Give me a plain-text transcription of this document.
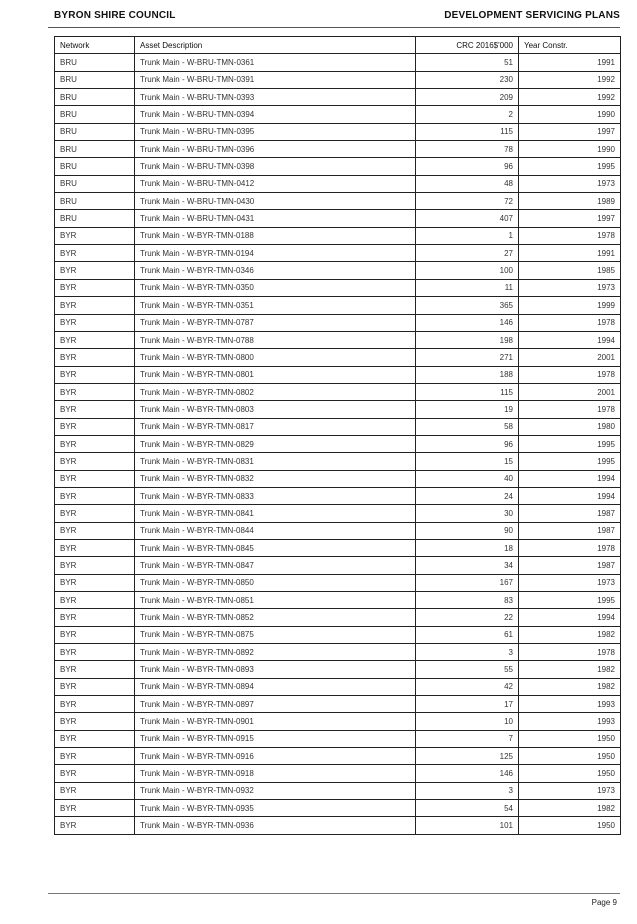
BYRON SHIRE COUNCIL	DEVELOPMENT SERVICING PLANS
Network	Asset Description	CRC 2016$'000	Year Constr.
BRU	Trunk Main - W-BRU-TMN-0361	51	1991
BRU	Trunk Main - W-BRU-TMN-0391	230	1992
BRU	Trunk Main - W-BRU-TMN-0393	209	1992
BRU	Trunk Main - W-BRU-TMN-0394	2	1990
BRU	Trunk Main - W-BRU-TMN-0395	115	1997
BRU	Trunk Main - W-BRU-TMN-0396	78	1990
BRU	Trunk Main - W-BRU-TMN-0398	96	1995
BRU	Trunk Main - W-BRU-TMN-0412	48	1973
BRU	Trunk Main - W-BRU-TMN-0430	72	1989
BRU	Trunk Main - W-BRU-TMN-0431	407	1997
BYR	Trunk Main - W-BYR-TMN-0188	1	1978
BYR	Trunk Main - W-BYR-TMN-0194	27	1991
BYR	Trunk Main - W-BYR-TMN-0346	100	1985
BYR	Trunk Main - W-BYR-TMN-0350	11	1973
BYR	Trunk Main - W-BYR-TMN-0351	365	1999
BYR	Trunk Main - W-BYR-TMN-0787	146	1978
BYR	Trunk Main - W-BYR-TMN-0788	198	1994
BYR	Trunk Main - W-BYR-TMN-0800	271	2001
BYR	Trunk Main - W-BYR-TMN-0801	188	1978
BYR	Trunk Main - W-BYR-TMN-0802	115	2001
BYR	Trunk Main - W-BYR-TMN-0803	19	1978
BYR	Trunk Main - W-BYR-TMN-0817	58	1980
BYR	Trunk Main - W-BYR-TMN-0829	96	1995
BYR	Trunk Main - W-BYR-TMN-0831	15	1995
BYR	Trunk Main - W-BYR-TMN-0832	40	1994
BYR	Trunk Main - W-BYR-TMN-0833	24	1994
BYR	Trunk Main - W-BYR-TMN-0841	30	1987
BYR	Trunk Main - W-BYR-TMN-0844	90	1987
BYR	Trunk Main - W-BYR-TMN-0845	18	1978
BYR	Trunk Main - W-BYR-TMN-0847	34	1987
BYR	Trunk Main - W-BYR-TMN-0850	167	1973
BYR	Trunk Main - W-BYR-TMN-0851	83	1995
BYR	Trunk Main - W-BYR-TMN-0852	22	1994
BYR	Trunk Main - W-BYR-TMN-0875	61	1982
BYR	Trunk Main - W-BYR-TMN-0892	3	1978
BYR	Trunk Main - W-BYR-TMN-0893	55	1982
BYR	Trunk Main - W-BYR-TMN-0894	42	1982
BYR	Trunk Main - W-BYR-TMN-0897	17	1993
BYR	Trunk Main - W-BYR-TMN-0901	10	1993
BYR	Trunk Main - W-BYR-TMN-0915	7	1950
BYR	Trunk Main - W-BYR-TMN-0916	125	1950
BYR	Trunk Main - W-BYR-TMN-0918	146	1950
BYR	Trunk Main - W-BYR-TMN-0932	3	1973
BYR	Trunk Main - W-BYR-TMN-0935	54	1982
BYR	Trunk Main - W-BYR-TMN-0936	101	1950
Page 9
